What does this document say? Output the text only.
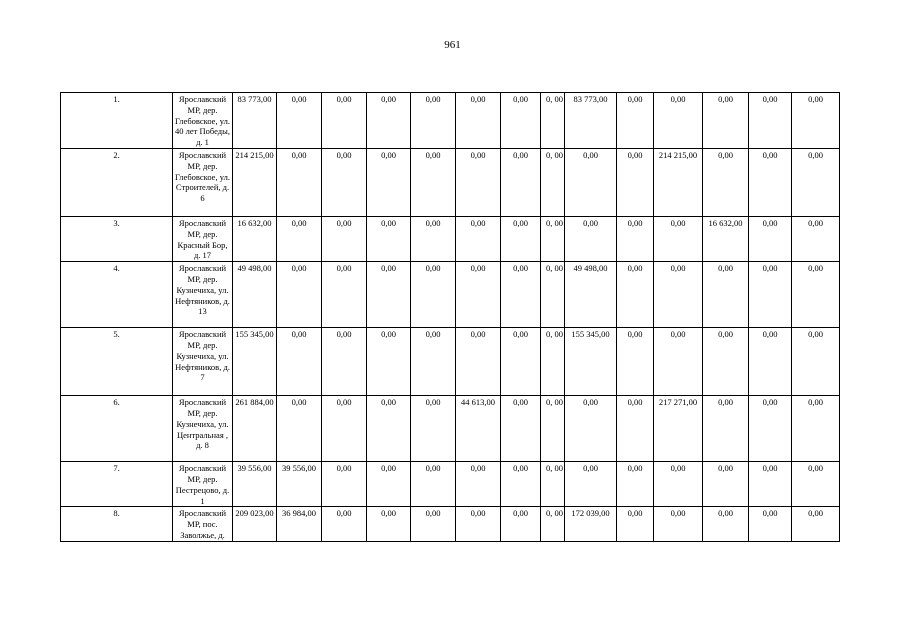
961
1.	Ярославский МР, дер. Глебовское, ул. 40 лет Победы, д. 1	83 773,00	0,00	0,00	0,00	0,00	0,00	0,00	0, 00	83 773,00	0,00	0,00	0,00	0,00	0,00
2.	Ярославский МР, дер. Глебовское, ул. Строителей, д. 6	214 215,00	0,00	0,00	0,00	0,00	0,00	0,00	0, 00	0,00	0,00	214 215,00	0,00	0,00	0,00
3.	Ярославский МР, дер. Красный Бор, д. 17	16 632,00	0,00	0,00	0,00	0,00	0,00	0,00	0, 00	0,00	0,00	0,00	16 632,00	0,00	0,00
4.	Ярославский МР, дер. Кузнечиха, ул. Нефтяников, д. 13	49 498,00	0,00	0,00	0,00	0,00	0,00	0,00	0, 00	49 498,00	0,00	0,00	0,00	0,00	0,00
5.	Ярославский МР, дер. Кузнечиха, ул. Нефтяников, д. 7	155 345,00	0,00	0,00	0,00	0,00	0,00	0,00	0, 00	155 345,00	0,00	0,00	0,00	0,00	0,00
6.	Ярославский МР, дер. Кузнечиха, ул. Центральная , д. 8	261 884,00	0,00	0,00	0,00	0,00	44 613,00	0,00	0, 00	0,00	0,00	217 271,00	0,00	0,00	0,00
7.	Ярославский МР, дер. Пестрецово, д. 1	39 556,00	39 556,00	0,00	0,00	0,00	0,00	0,00	0, 00	0,00	0,00	0,00	0,00	0,00	0,00
8.	Ярославский МР, пос. Заволжье, д.	209 023,00	36 984,00	0,00	0,00	0,00	0,00	0,00	0, 00	172 039,00	0,00	0,00	0,00	0,00	0,00
